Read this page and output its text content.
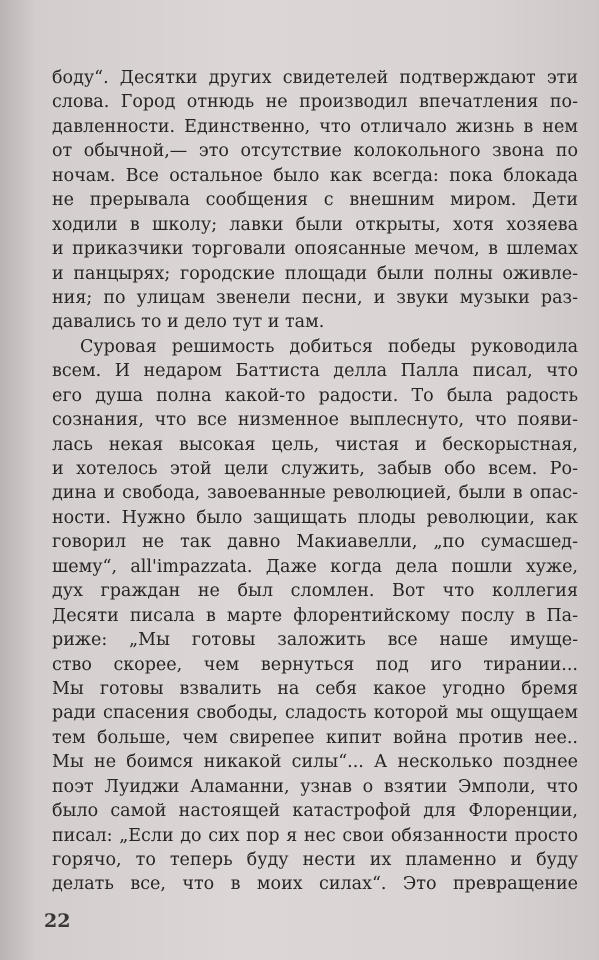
боду“. Десятки других свидетелей подтверждают эти
слова. Город отнюдь не производил впечатления по-
давленности. Единственно, что отличало жизнь в нем
от обычной,— это отсутствие колокольного звона по
ночам. Все остальное было как всегда: пока блокада
не прерывала сообщения с внешним миром. Дети
ходили в школу; лавки были открыты, хотя хозяева
и приказчики торговали опоясанные мечом, в шлемах
и панцырях; городские площади были полны оживле-
ния; по улицам звенели песни, и звуки музыки раз-
давались то и дело тут и там.
Суровая решимость добиться победы руководила
всем. И недаром Баттиста делла Палла писал, что
его душа полна какой-то радости. То была радость
сознания, что все низменное выплеснуто, что появи-
лась некая высокая цель, чистая и бескорыстная,
и хотелось этой цели служить, забыв обо всем. Ро-
дина и свобода, завоеванные революцией, были в опас-
ности. Нужно было защищать плоды революции, как
говорил не так давно Макиавелли, „по сумасшед-
шему“, all'impazzata. Даже когда дела пошли хуже,
дух граждан не был сломлен. Вот что коллегия
Десяти писала в марте флорентийскому послу в Па-
риже: „Мы готовы заложить все наше имуще-
ство скорее, чем вернуться под иго тирании...
Мы готовы взвалить на себя какое угодно бремя
ради спасения свободы, сладость которой мы ощущаем
тем больше, чем свирепее кипит война против нее..
Мы не боимся никакой силы“... А несколько позднее
поэт Луиджи Аламанни, узнав о взятии Эмполи, что
было самой настоящей катастрофой для Флоренции,
писал: „Если до сих пор я нес свои обязанности просто
горячо, то теперь буду нести их пламенно и буду
делать все, что в моих силах“. Это превращение
22
